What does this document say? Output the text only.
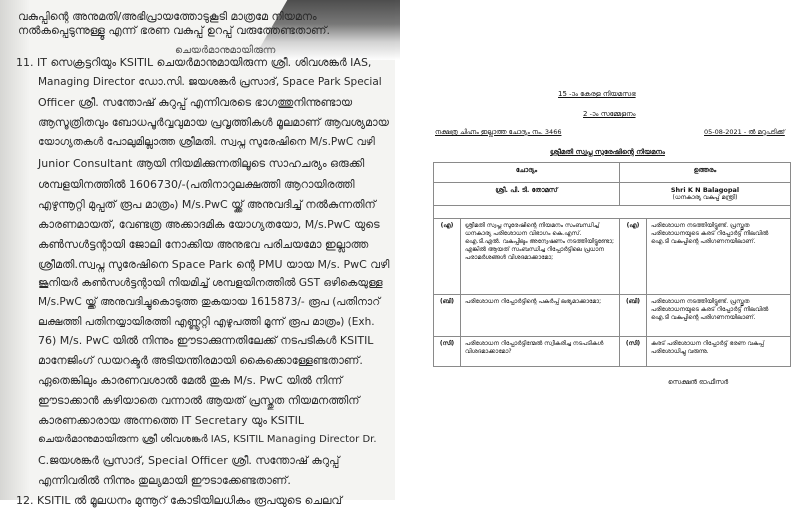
വകുപ്പിന്റെ അനുമതി/അഭിപ്രായത്തോടുകൂടി മാത്രമേ നിയമനം
നൽകപ്പെടുന്നുള്ളൂ എന്ന് ഭരണ വകുപ്പ് ഉറപ്പ് വരുത്തേണ്ടതാണ്.
11. IT സെക്രട്ടറിയും KSITIL ചെയർമാനുമായിരുന്ന ശ്രീ. ശിവശങ്കർ IAS,
Managing Director ഡോ.സി. ജയശങ്കർ പ്രസാദ്, Space Park Special
Officer ശ്രീ. സന്തോഷ് കുറുപ്പ് എന്നിവരടെ ഭാഗത്തുനിന്നുണ്ടായ
ആസൂത്രിതവും ബോധപൂർവ്വവുമായ പ്രവൃത്തികൾ മൂലമാണ് ആവശ്യമായ
യോഗ്യതകൾ പോലുമില്ലാത്ത ശ്രീമതി. സ്വപ്ന സുരേഷിനെ M/s.PwC വഴി
Junior Consultant ആയി നിയമിക്കുന്നതിലൂടെ സാഹചര്യം ഒരുക്കി
ശമ്പളയിനത്തിൽ 1606730/-(പതിനാറുലക്ഷത്തി ആറായിരത്തി
എഴുന്നൂറ്റി മുപ്പത് രൂപ മാത്രം) M/s.PwC യ്ക്ക് അനുവദിച്ച് നൽകുന്നതിന്
കാരണമായത്, വേണ്ടത്ര അക്കാദമിക യോഗ്യതയോ, M/s.PwC യുടെ
കൺസൾട്ടന്റായി ജോലി നോക്കിയ അനുഭവ പരിചയമോ ഇല്ലാത്ത
ശ്രീമതി.സ്വപ്ന സുരേഷിനെ Space Park ന്റെ PMU യായ M/s. PwC വഴി
ജൂനിയർ കൺസൾട്ടന്റായി നിയമിച്ച് ശമ്പളയിനത്തിൽ GST ഒഴികെയുള്ള
M/s.PwC യ്ക്ക് അനുവദിച്ചുകൊടുത്ത തുകയായ 1615873/- രൂപ (പതിനാറ്
ലക്ഷത്തി പതിനയ്യായിരത്തി എണ്ണൂറ്റി എഴുപത്തി മൂന്ന് രൂപ മാത്രം) (Exh.
76) M/s. PwC യിൽ നിന്നും ഈടാക്കുന്നതിലേക്ക് നടപടികൾ KSITIL
മാനേജിംഗ് ഡയറക്ടർ അടിയന്തിരമായി കൈക്കൊള്ളേണ്ടതാണ്.
ഏതെങ്കിലും കാരണവശാൽ മേൽ തുക M/s. PwC യിൽ നിന്ന്
ഈടാക്കാൻ കഴിയാതെ വന്നാൽ ആയത് പ്രസ്തുത നിയമനത്തിന്
കാരണക്കാരായ അന്നത്തെ IT Secretary യും KSITIL
ചെയർമാനുമായിരുന്ന ശ്രീ ശിവശങ്കർ IAS, KSITIL Managing Director Dr.
C.ജയശങ്കർ പ്രസാദ്, Special Officer ശ്രീ. സന്തോഷ് കുറുപ്പ്
എന്നിവരിൽ നിന്നും തുല്യമായി ഈടാക്കേണ്ടതാണ്.
12. KSITIL ൽ മൂലധനം മുന്നൂറ് കോടിയിലധികം രൂപയുടെ ചെലവ്
ചെയർമാനുമായിരുന്ന
15 -ാം കേരള നിയമസഭ
2 -ാം സമ്മേളനം
നക്ഷത്ര ചിഹ്നം ഇല്ലാത്ത ചോദ്യം നം. 3466	05-08-2021 - ൽ മറുപടിക്ക്
ശ്രീമതി സ്വപ്ന സുരേഷിന്റെ നിയമനം
ചോദ്യം		ഉത്തരം	
ശ്രീ. പി. ടി. തോമസ്		Shri K N Balagopal
(ധനകാര്യ വകുപ്പ് മന്ത്രി)	

(എ)	ശ്രീമതി സ്വപ്ന സുരേഷിന്റെ നിയമനം സംബന്ധിച്ച് ധനകാര്യ പരിശോധന വിഭാഗം കെ.എസ്. ഐ.ടി.എൽ. വകുപ്പിലും അന്വേഷണം നടത്തിയിട്ടുണ്ടോ; എങ്കിൽ ആയത് സംബന്ധിച്ച റിപ്പോർട്ടിലെ പ്രധാന പരാമർശങ്ങൾ വിശദമാക്കാമോ;	(എ)	പരിശോധന നടത്തിയിട്ടുണ്ട്. പ്രസ്തുത പരിശോധനയുടെ കരട് റിപ്പോർട്ട് നിലവിൽ ഐ.ടി വകുപ്പിന്റെ പരിഗണനയിലാണ്.
(ബി)	പരിശോധന റിപ്പോർട്ടിന്റെ പകർപ്പ് ലഭ്യമാക്കാമോ;	(ബി)	പരിശോധന നടത്തിയിട്ടുണ്ട്. പ്രസ്തുത പരിശോധനയുടെ കരട് റിപ്പോർട്ട് നിലവിൽ ഐ.ടി വകുപ്പിന്റെ പരിഗണനയിലാണ്.
(സി)	പരിശോധന റിപ്പോർട്ടിന്മേൽ സ്വീകരിച്ച നടപടികൾ വിശദമാക്കാമോ?	(സി)	കരട് പരിശോധന റിപ്പോർട്ട് ഭരണ വകുപ്പ് പരിശോധിച്ചു വരുന്നു.
സെക്ഷൻ ഓഫീസർ
